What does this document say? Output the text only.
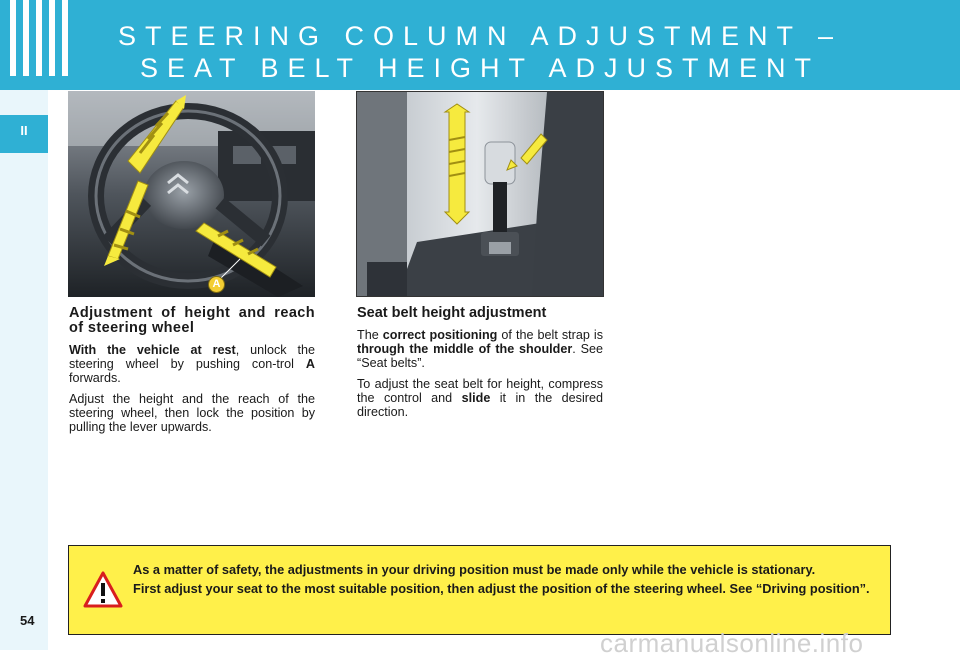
STEERING COLUMN ADJUSTMENT –
SEAT BELT HEIGHT ADJUSTMENT
II
A
Adjustment of height and reach of steering wheel

With the vehicle at rest, unlock the steering wheel by pushing con-trol A forwards.

Adjust the height and the reach of the steering wheel, then lock the position by pulling the lever upwards.

Seat belt height adjustment

The correct positioning of the belt strap is through the middle of the shoulder. See “Seat belts”.

To adjust the seat belt for height, compress the control and slide it in the desired direction.

As a matter of safety, the adjustments in your driving position must be made only while the vehicle is stationary.

First adjust your seat to the most suitable position, then adjust the position of the steering wheel. See “Driving position”.

54
carmanualsonline.info
